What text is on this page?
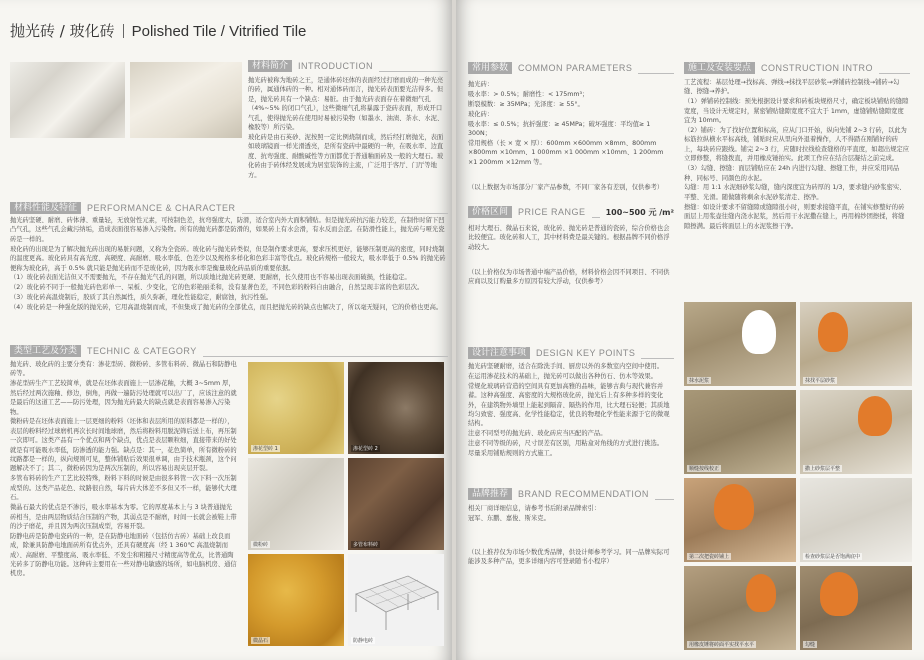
抛光砖 / 玻化砖 Polished Tile / Vitrified Tile
材料简介	INTRODUCTION

抛光砖被称为地砖之王，是通体砖坯体的表面经过打磨而成的一种光亮的砖，属通体砖的一种。相对通体砖而言，抛光砖表面要光洁得多。但是，抛光砖具有一个缺点：易脏。由于抛光砖表面存在着微细气孔（4%~5% 的闭口气孔），这些微细气孔将暴露于瓷砖表面，形成开口气孔，使得抛光砖在使用时易被污染物（如墨水、油渍、茶水、水泥、橡胶等）所污染。

玻化砖是由石英砂、泥按照一定比例烧制而成，然后经打磨抛光，表面如玻璃镜面一样光滑透亮，是所有瓷砖中最硬的一种，在吸水率、边直度、抗弯强度、耐酸碱性等方面都优于普通釉面砖及一般的大理石。玻化砖由于砖体经发展成为居室装饰的主流，广泛用于客厅、门厅等地方。

材料性能及特征	PERFORMANCE & CHARACTER

抛光砖坚硬、耐磨、砖体薄、重量轻，无放射性元素，可按制色差，抗弯强度大，防滑，适合室内外大面积铺贴。但是抛光砖抗污能力较差，在制作时留下凹凸气孔，这些气孔会藏污纳垢，造成表面很容易渗入污染物。所有的抛光砖都是防滑的，如果砖上有水会滑，有水反而会涩。在防滑性能上，抛光砖与哑光瓷砖是一样的。

玻化砖的出现是为了解决抛光砖出现的易脏问题，又称为全瓷砖。玻化砖与抛光砖类似，但是制作要求更高，要求压机更好，能够压制更高的密度，同时烧制的温度更高。玻化砖具有高光度、高硬度、高耐磨、吸水率低、色差少以及规格多样化和色彩丰富等优点。玻化砖规格一般较大，吸水率低于 0.5% 的抛光砖便称为玻化砖，高于 0.5% 就只能是抛光砖而不是玻化砖，因为吸水率是衡量玻化砖品质的重要依据。

（1）玻化砖表面光洁但又不需要抛光，不存在抛光气孔的问题，所以质地比抛光砖更硬、更耐磨，长久使用也不容易出现表面破损，性能稳定。

（2）玻化砖不同于一般抛光砖色彩单一、呆板、少变化，它的色彩艳丽柔和，没有显著色差，不同色彩的粉料自由融合，自然呈现丰富的色彩层次。

（3）玻化砖高温烧制后，胶质了其自然属性，质久弥新，理化性能稳定，耐腐蚀，抗污性强。

（4）玻化砖是一种强化版的抛光砖，它用高温烧制而成，不但集成了抛光砖的全部优点，而且把抛光砖的缺点也解决了，所以毫无疑问，它的价格也更高。

类型工艺及分类	TECHNIC & CATEGORY

抛光砖、玻化砖的主要分类有：渗花型砖、微粉砖、多管布料砖、微晶石和防静电砖等。

渗花型砖生产工艺较简单，就是在坯体表面施上一层渗花釉，大概 3~5mm 厚，然后经过两次施釉、修边，倒角，再做一遍防污处理就可以出厂了，应该注意的就是最后的这道工艺——防污处理，因为抛光砖最大的缺点就是表面容易渗入污染物。

微粉砖是在坯体表面施上一层更细的粉料（坯体和表层所用的原料都是一样的），表层的粉料经过球磨机再次长时间地球磨，然后将粉料用脱泥筛后送上布，再压制一次即可。这类产品有一个优点和两个缺点，优点是表层颗粒细，直接带来的好处就是有可能吸水率低，防渗透的能力强。缺点是：其一，花色简单，所有微粉砖的纹路都是一样的，纵向规则可见，整体铺贴后效果很单调，由于技术瓶颈，这个问题解决不了；其二，微粉砖因为是两次压制的，所以容易出现夹层开裂。

多管布料砖的生产工艺比较特殊，粉料下料的时候是由很多料管一次下料一次压制成型的。这类产品花色、纹路很自然，每片砖大体差不多但又不一样，能够代大理石。

微晶石最大的优点是不渗污，吸水率基本为零。它的厚度基本上与 3 块普通抛光砖相当，是由两层物质结合压制的产物，其弱点是不耐磨，时间一长就会被鞋上带的沙子磨花，并且因为两次压制成型，容易开裂。

防静电砖是防静电瓷砖的一种，是在防静电地面砖（包括仿古砖）基础上改良而成，除兼具防静电地面砖所有优点外，还具有硬度高（经 1 360℃ 高温烧制而成）、高耐磨、平整度高、吸水率低、不发尘和粗糙尺寸精度高等优点，比普通陶光砖多了防静电功能。这种砖主要用在一些对静电敏感的场所，如电脑机房、通信机房。

渗花型砖 1	渗花型砖 2
微粉砖	多管布料砖
微晶石	防静电砖
常用参数	COMMON PARAMETERS

抛光砖：

吸水率：> 0.5%；耐磨性：< 175mm³；

断裂模数：≥ 35MPa；光泽度：≥ 55°。

玻化砖：

吸水率：≤ 0.5%；抗折强度：≥ 45MPa；破坏强度：平均值≥ 1 300N；

常用规格（长 × 宽 × 厚）：600mm ×600mm ×8mm、800mm ×800mm ×10mm、1 000mm ×1 000mm ×10mm、1 200mm ×1 200mm ×12mm 等。

（以上数据为市场部分厂家产品参数，不同厂家各有差别，仅供参考）
价格区间	PRICE RANGE	100~500 元 /m²

相对大理石、微晶石来说，玻化砖、抛光砖是普通的瓷砖，综合价格也会比较便宜。玻化砖和人工，其中材料费是最关键的。根据品牌不同价格浮动较大。

（以上价格仅为市场普通中端产品价格，材料价格会因不同项目、不同供应商以及订购量多方原因有较大浮动，仅供参考）
设计注意事项	DESIGN KEY POINTS

抛光砖坚硬耐磨，适合在除洗手间、厨房以外的多数室内空间中使用。

在运用渗花技术的基础上，抛光砖可以做出各种仿石、仿木等效果。

常规化玻璃砖营造的空间具有更加高雅的品味，能够古典与现代兼容并蓄。这种高强度、高密度的大规格玻化砖，抛光后上有多种多样的变化外，在建筑物外墙里上能起到隔音、隔热的作用，比大理石轻便；其质地均匀致密、强度高、化学性能稳定，优良的物理化学性能来源于它的微观结构。

注意不同型号的抛光砖、玻化砖应当匹配的产品。

注意不同等级的砖，尺寸误差有区别，用粘盒对角线的方式进行挑选。

尽量采用铺贴规则的方式施工。

品牌推荐	BRAND RECOMMENDATION

相关厂商详细信息，请参考书后附录品牌索引：

冠军、东鹏、嘉俊、斯米克。

（以上推荐仅为市场少数优秀品牌，供设计师参考学习。同一品牌实际可能涉及多种产品，更多详细内容可登录随书小程序）
施工及安装要点	CONSTRUCTION INTRO

工艺流程：基层处理→找标高、弹线→抹找平层砂浆→弹铺砖控制线→铺砖→勾缝、擦缝→养护。

（1）弹铺砖控制线：预先根据设计要求和砖板块规格尺寸，确定板块铺贴的缝隙宽度，当设计无规定时，紧密铺贴缝隙宽度不宜大于 1mm，虚缝铺贴缝隙宽度宜为 10mm。

（2）铺砖：为了找好位置和标高，应从门口开始，纵向先铺 2~3 行砖，以此为标筋拉纵横水平标高线，铺贴时应从里向外退着操作，人不得踏在刚铺好的砖上，每块砖应跟线。铺完 2~3 行，应随时拉线检查缝格的平直度，如超出规定应立即修整，将缝拨直，并用橡皮锤拍实。此项工作应在结合层凝结之前完成。

（3）勾缝、擦缝：面层铺贴应在 24h 内进行勾缝、擦缝工作，并应采用同品种、同标号、同颜色的水泥。

勾缝：用 1:1 水泥细砂浆勾缝，缝内深度宜为砖厚的 1/3，要求缝内砂浆密实、平整、光滑。随做随将剩余水泥砂浆清走、擦净。

擦缝：如设计要求不留缝隙或缝隙很小时，则要求接缝平直，在铺实修整好的砖面层上用浆壶往缝内浇水泥浆，然后用干水泥撒在缝上，再用棉纱团擦揉，将缝隙擦满。最后将面层上的水泥浆擦干净。

抹水泥浆	抹找平层砂浆
顺缝按线校正	撒上砂浆层平整
第二次把瓷砖铺上	检查砂浆层是否饱满底中
用橡皮锤将砖面平实找平水平	勾缝
